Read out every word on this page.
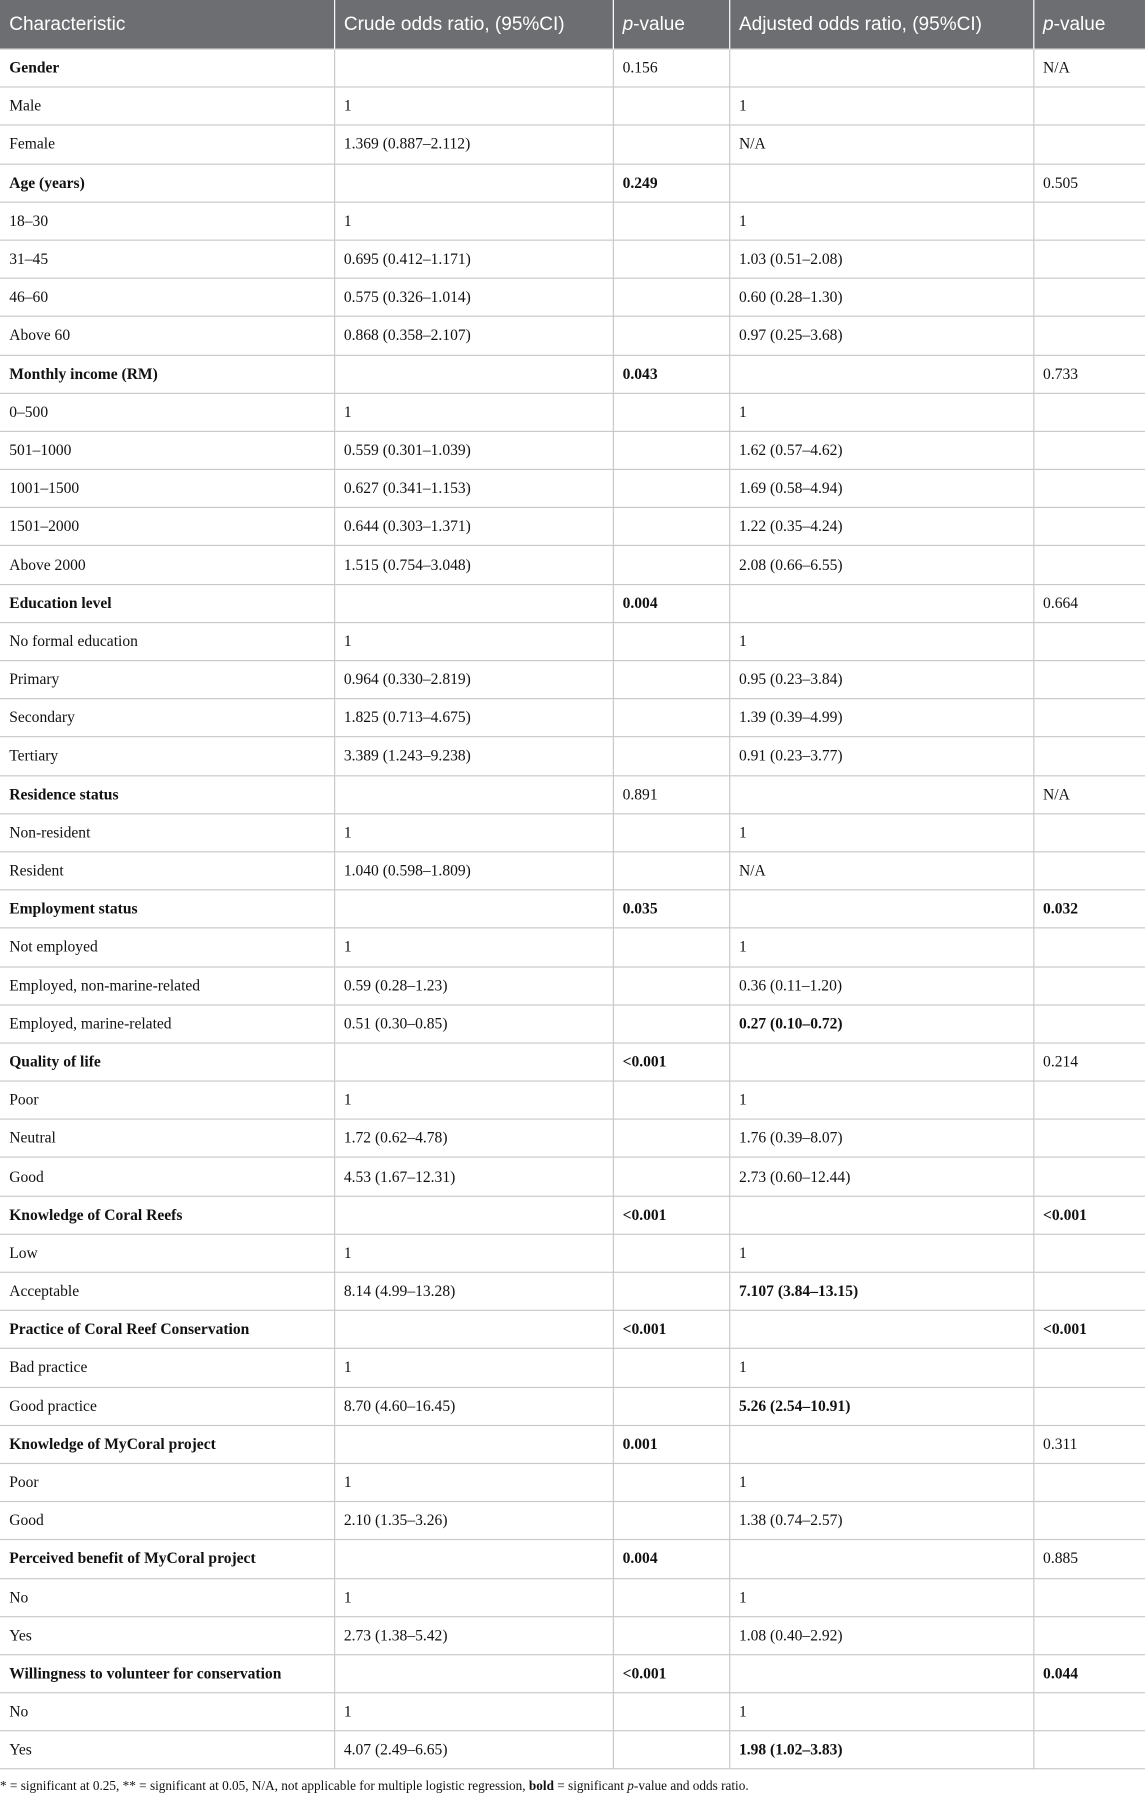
Characteristic	Crude odds ratio, (95%CI)	p-value	Adjusted odds ratio, (95%CI)	p-value
Gender		0.156		N/A
Male	1		1	
Female	1.369 (0.887–2.112)		N/A	
Age (years)		0.249		0.505
18–30	1		1	
31–45	0.695 (0.412–1.171)		1.03 (0.51–2.08)	
46–60	0.575 (0.326–1.014)		0.60 (0.28–1.30)	
Above 60	0.868 (0.358–2.107)		0.97 (0.25–3.68)	
Monthly income (RM)		0.043		0.733
0–500	1		1	
501–1000	0.559 (0.301–1.039)		1.62 (0.57–4.62)	
1001–1500	0.627 (0.341–1.153)		1.69 (0.58–4.94)	
1501–2000	0.644 (0.303–1.371)		1.22 (0.35–4.24)	
Above 2000	1.515 (0.754–3.048)		2.08 (0.66–6.55)	
Education level		0.004		0.664
No formal education	1		1	
Primary	0.964 (0.330–2.819)		0.95 (0.23–3.84)	
Secondary	1.825 (0.713–4.675)		1.39 (0.39–4.99)	
Tertiary	3.389 (1.243–9.238)		0.91 (0.23–3.77)	
Residence status		0.891		N/A
Non-resident	1		1	
Resident	1.040 (0.598–1.809)		N/A	
Employment status		0.035		0.032
Not employed	1		1	
Employed, non-marine-related	0.59 (0.28–1.23)		0.36 (0.11–1.20)	
Employed, marine-related	0.51 (0.30–0.85)		0.27 (0.10–0.72)	
Quality of life		<0.001		0.214
Poor	1		1	
Neutral	1.72 (0.62–4.78)		1.76 (0.39–8.07)	
Good	4.53 (1.67–12.31)		2.73 (0.60–12.44)	
Knowledge of Coral Reefs		<0.001		<0.001
Low	1		1	
Acceptable	8.14 (4.99–13.28)		7.107 (3.84–13.15)	
Practice of Coral Reef Conservation		<0.001		<0.001
Bad practice	1		1	
Good practice	8.70 (4.60–16.45)		5.26 (2.54–10.91)	
Knowledge of MyCoral project		0.001		0.311
Poor	1		1	
Good	2.10 (1.35–3.26)		1.38 (0.74–2.57)	
Perceived benefit of MyCoral project		0.004		0.885
No	1		1	
Yes	2.73 (1.38–5.42)		1.08 (0.40–2.92)	
Willingness to volunteer for conservation		<0.001		0.044
No	1		1	
Yes	4.07 (2.49–6.65)		1.98 (1.02–3.83)	
* = significant at 0.25, ** = significant at 0.05, N/A, not applicable for multiple logistic regression, bold = significant p-value and odds ratio.
